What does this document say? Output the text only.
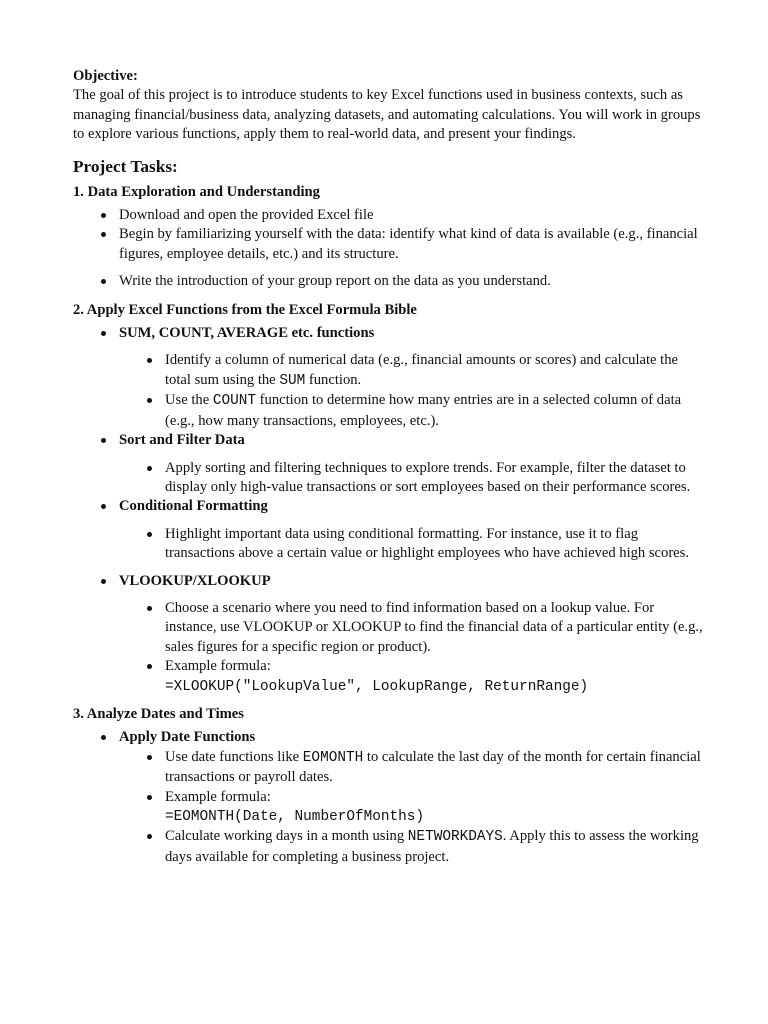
Objective:

The goal of this project is to introduce students to key Excel functions used in business contexts, such as managing financial/business data, analyzing datasets, and automating calculations. You will work in groups to explore various functions, apply them to real-world data, and present your findings.

Project Tasks:

1. Data Exploration and Understanding

Download and open the provided Excel file
Begin by familiarizing yourself with the data: identify what kind of data is available (e.g., financial figures, employee details, etc.) and its structure.
Write the introduction of your group report on the data as you understand.

2. Apply Excel Functions from the Excel Formula Bible

SUM, COUNT, AVERAGE etc. functions
Identify a column of numerical data (e.g., financial amounts or scores) and calculate the total sum using the SUM function.
Use the COUNT function to determine how many entries are in a selected column of data (e.g., how many transactions, employees, etc.).
Sort and Filter Data
Apply sorting and filtering techniques to explore trends. For example, filter the dataset to display only high-value transactions or sort employees based on their performance scores.
Conditional Formatting
Highlight important data using conditional formatting. For instance, use it to flag transactions above a certain value or highlight employees who have achieved high scores.
VLOOKUP/XLOOKUP
Choose a scenario where you need to find information based on a lookup value. For instance, use VLOOKUP or XLOOKUP to find the financial data of a particular entity (e.g., sales figures for a specific region or product).
Example formula:
=XLOOKUP("LookupValue", LookupRange, ReturnRange)

3. Analyze Dates and Times

Apply Date Functions
Use date functions like EOMONTH to calculate the last day of the month for certain financial transactions or payroll dates.
Example formula:
=EOMONTH(Date, NumberOfMonths)
Calculate working days in a month using NETWORKDAYS. Apply this to assess the working days available for completing a business project.
